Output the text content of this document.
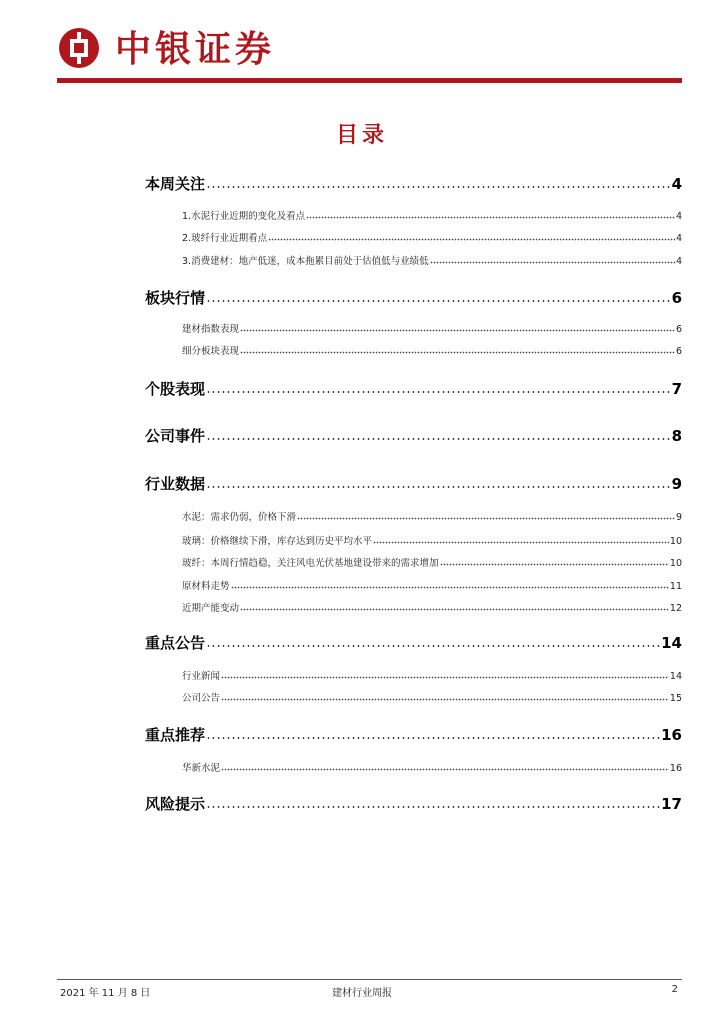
中银证券
目录
本周关注	4
1.水泥行业近期的变化及看点	4
2.玻纤行业近期看点	4
3.消费建材：地产低迷，成本拖累目前处于估值低与业绩低	4
板块行情	6
建材指数表现	6
细分板块表现	6
个股表现	7
公司事件	8
行业数据	9
水泥：需求仍弱，价格下滑	9
玻璃：价格继续下滑，库存达到历史平均水平	10
玻纤：本周行情趋稳，关注风电光伏基地建设带来的需求增加	10
原材料走势	11
近期产能变动	12
重点公告	14
行业新闻	14
公司公告	15
重点推荐	16
华新水泥	16
风险提示	17
2021 年 11 月 8 日	建材行业周报	2
